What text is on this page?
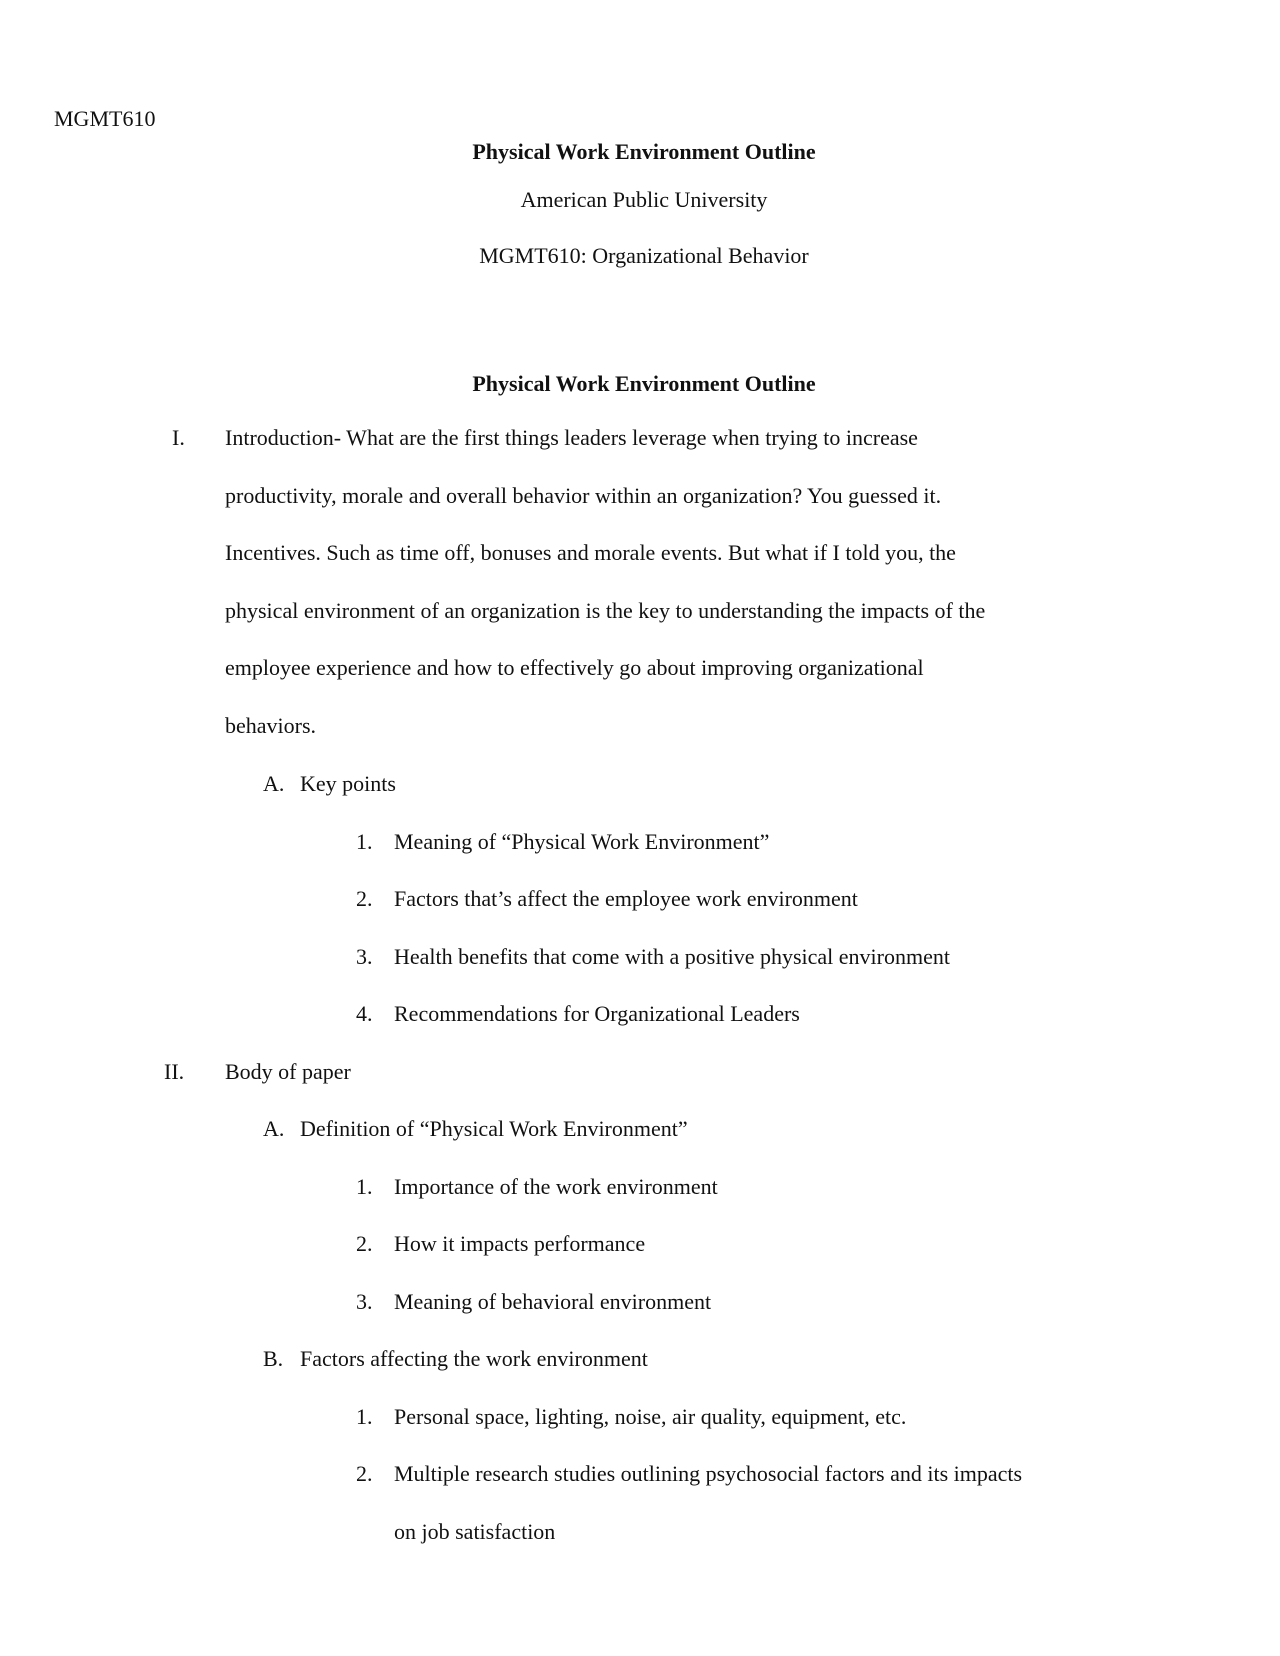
MGMT610
Physical Work Environment Outline
American Public University
MGMT610: Organizational Behavior
Physical Work Environment Outline
I. Introduction- What are the first things leaders leverage when trying to increase
productivity, morale and overall behavior within an organization? You guessed it.
Incentives. Such as time off, bonuses and morale events. But what if I told you, the
physical environment of an organization is the key to understanding the impacts of the
employee experience and how to effectively go about improving organizational
behaviors.
A. Key points
1. Meaning of “Physical Work Environment”
2. Factors that’s affect the employee work environment
3. Health benefits that come with a positive physical environment
4. Recommendations for Organizational Leaders
II. Body of paper
A. Definition of “Physical Work Environment”
1. Importance of the work environment
2. How it impacts performance
3. Meaning of behavioral environment
B. Factors affecting the work environment
1. Personal space, lighting, noise, air quality, equipment, etc.
2. Multiple research studies outlining psychosocial factors and its impacts
on job satisfaction
